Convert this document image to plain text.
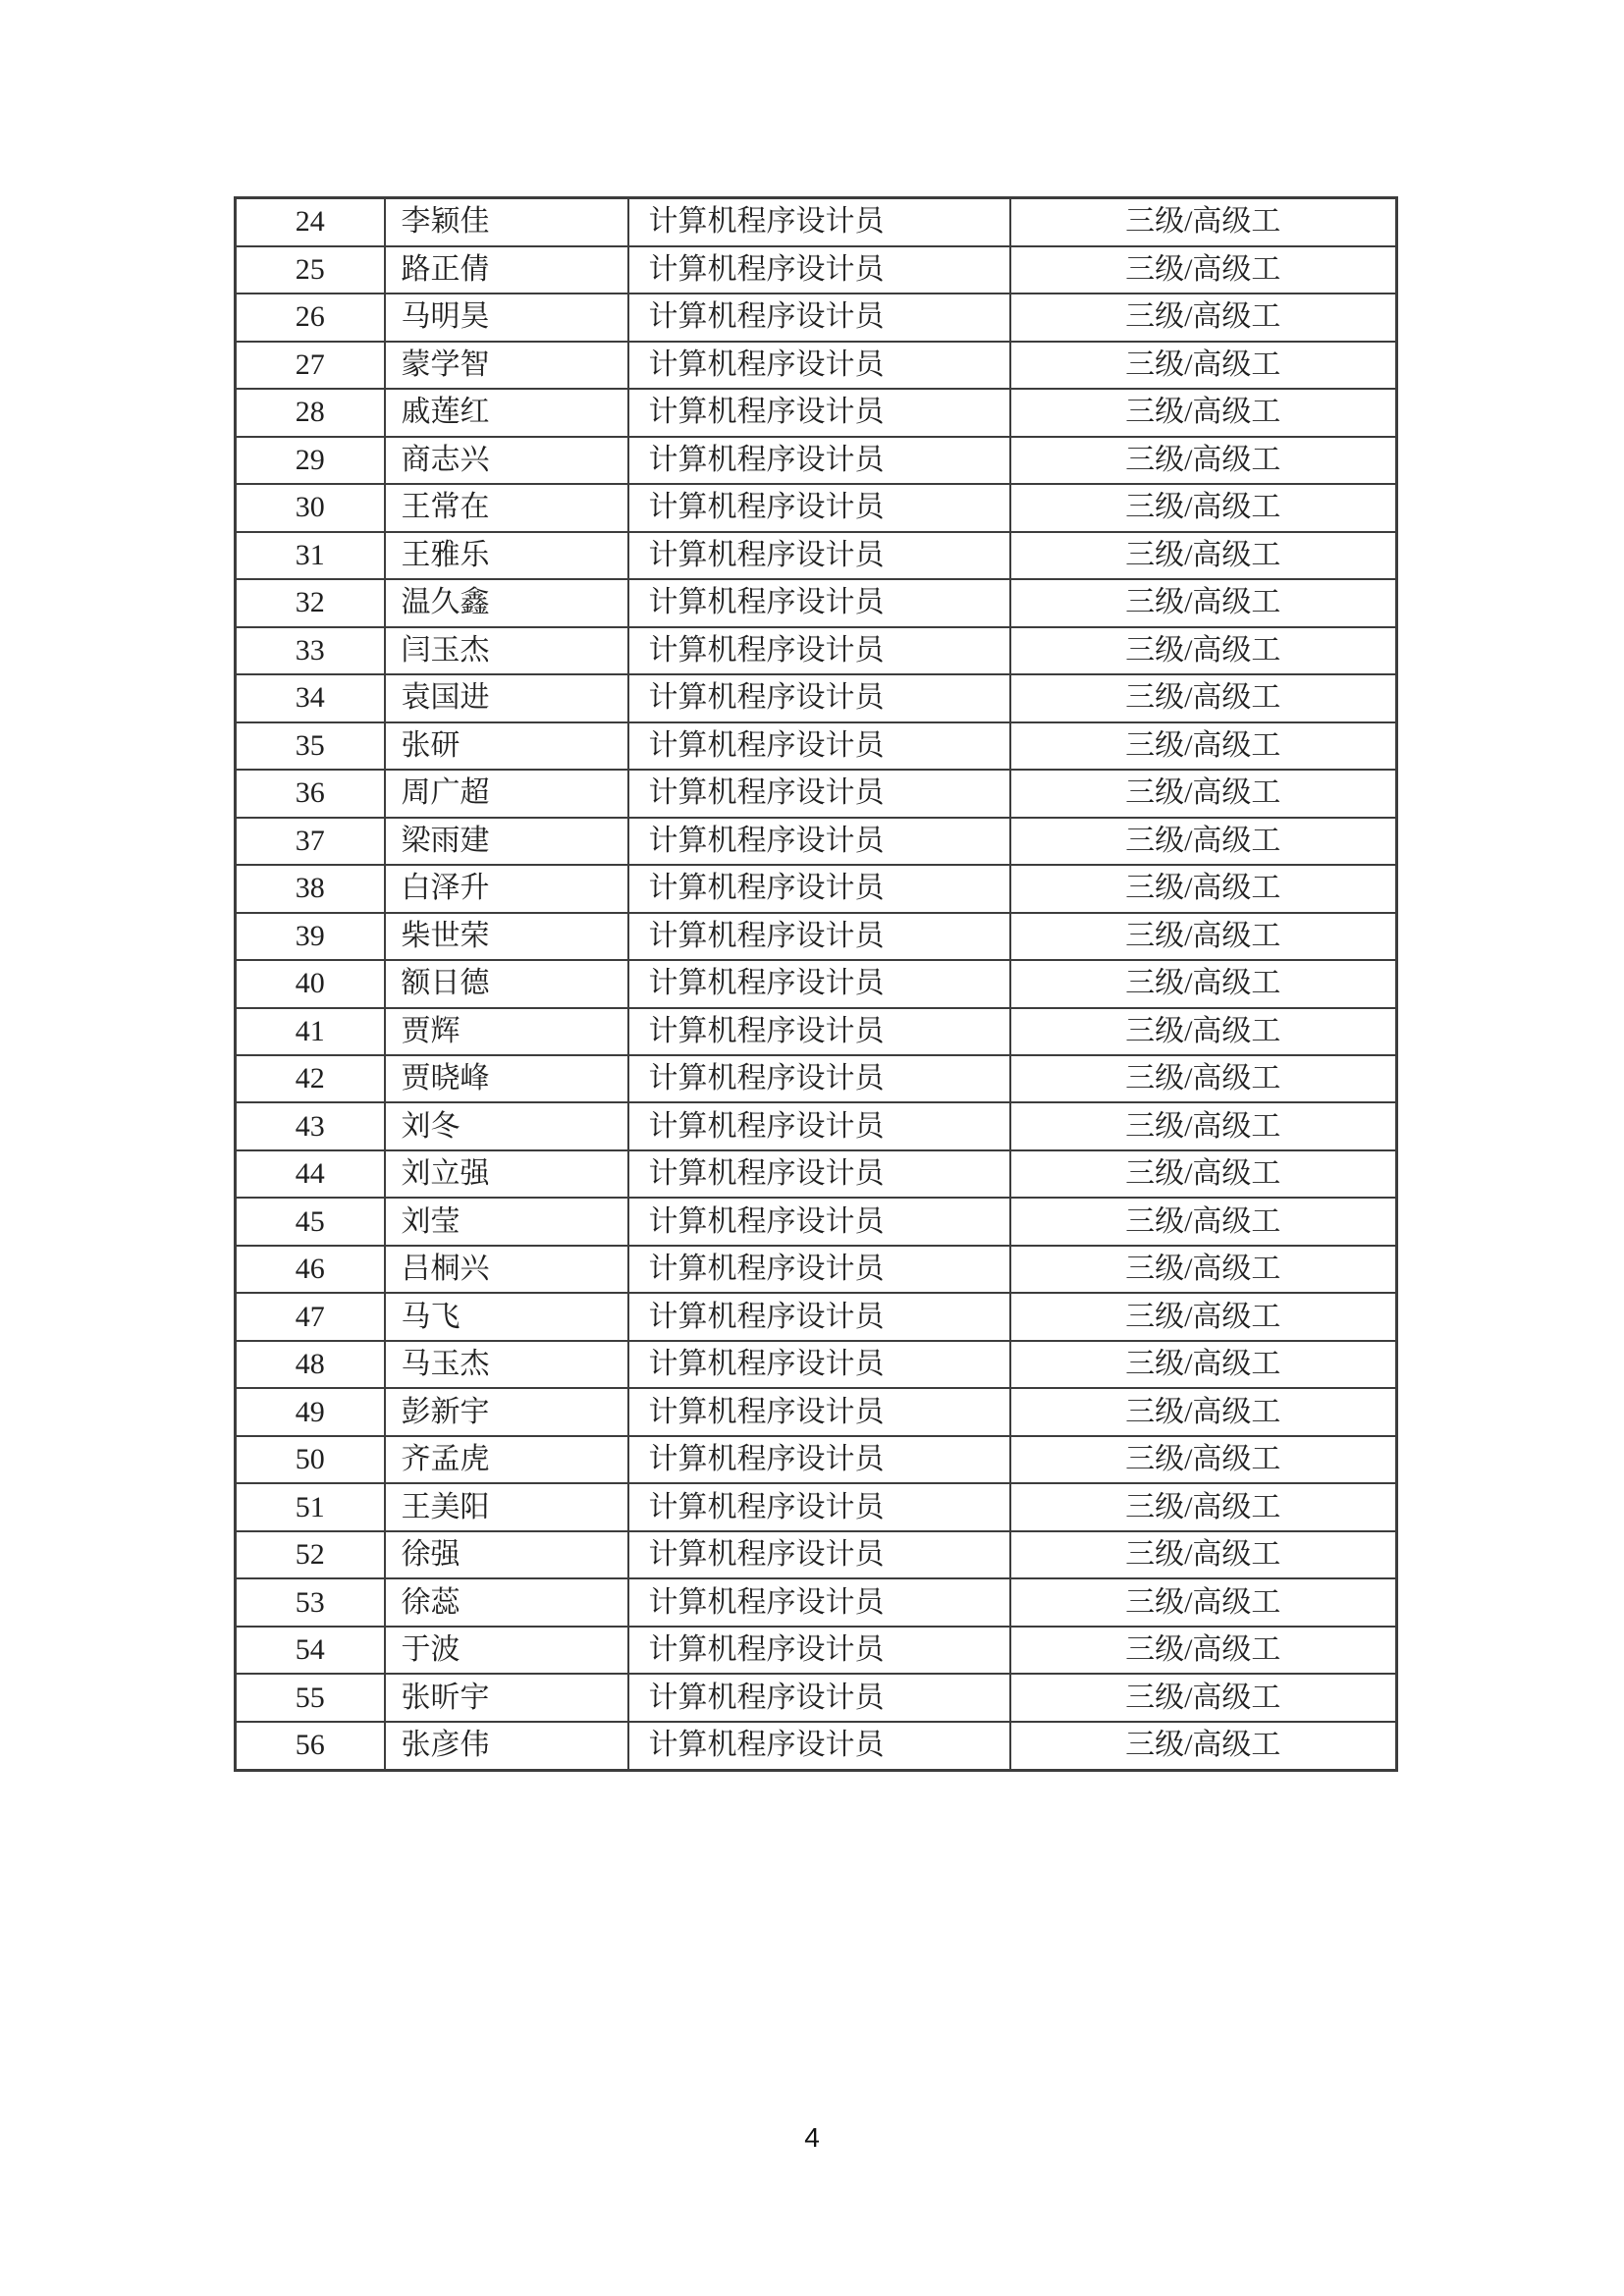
24	李颖佳	计算机程序设计员	三级/高级工
25	路正倩	计算机程序设计员	三级/高级工
26	马明昊	计算机程序设计员	三级/高级工
27	蒙学智	计算机程序设计员	三级/高级工
28	戚莲红	计算机程序设计员	三级/高级工
29	商志兴	计算机程序设计员	三级/高级工
30	王常在	计算机程序设计员	三级/高级工
31	王雅乐	计算机程序设计员	三级/高级工
32	温久鑫	计算机程序设计员	三级/高级工
33	闫玉杰	计算机程序设计员	三级/高级工
34	袁国进	计算机程序设计员	三级/高级工
35	张研	计算机程序设计员	三级/高级工
36	周广超	计算机程序设计员	三级/高级工
37	梁雨建	计算机程序设计员	三级/高级工
38	白泽升	计算机程序设计员	三级/高级工
39	柴世荣	计算机程序设计员	三级/高级工
40	额日德	计算机程序设计员	三级/高级工
41	贾辉	计算机程序设计员	三级/高级工
42	贾晓峰	计算机程序设计员	三级/高级工
43	刘冬	计算机程序设计员	三级/高级工
44	刘立强	计算机程序设计员	三级/高级工
45	刘莹	计算机程序设计员	三级/高级工
46	吕桐兴	计算机程序设计员	三级/高级工
47	马飞	计算机程序设计员	三级/高级工
48	马玉杰	计算机程序设计员	三级/高级工
49	彭新宇	计算机程序设计员	三级/高级工
50	齐孟虎	计算机程序设计员	三级/高级工
51	王美阳	计算机程序设计员	三级/高级工
52	徐强	计算机程序设计员	三级/高级工
53	徐蕊	计算机程序设计员	三级/高级工
54	于波	计算机程序设计员	三级/高级工
55	张昕宇	计算机程序设计员	三级/高级工
56	张彦伟	计算机程序设计员	三级/高级工
4
